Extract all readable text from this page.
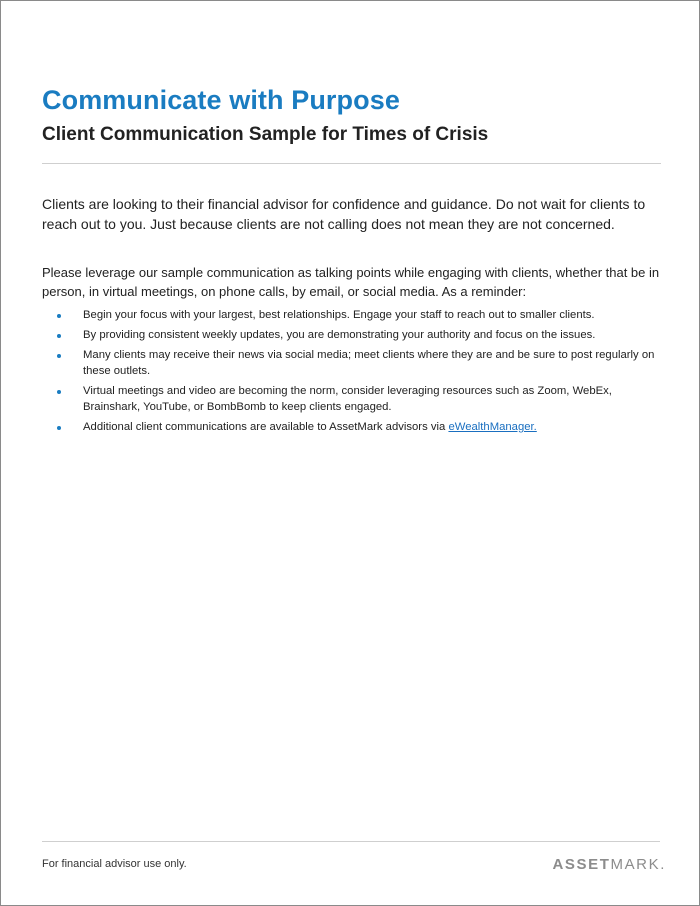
Communicate with Purpose
Client Communication Sample for Times of Crisis

Clients are looking to their financial advisor for confidence and guidance. Do not wait for clients to reach out to you. Just because clients are not calling does not mean they are not concerned.

Please leverage our sample communication as talking points while engaging with clients, whether that be in person, in virtual meetings, on phone calls, by email, or social media. As a reminder:

Begin your focus with your largest, best relationships. Engage your staff to reach out to smaller clients.
By providing consistent weekly updates, you are demonstrating your authority and focus on the issues.
Many clients may receive their news via social media; meet clients where they are and be sure to post regularly on these outlets.
Virtual meetings and video are becoming the norm, consider leveraging resources such as Zoom, WebEx, Brainshark, YouTube, or BombBomb to keep clients engaged.
Additional client communications are available to AssetMark advisors via eWealthManager.
For financial advisor use only.	ASSETMARK.
